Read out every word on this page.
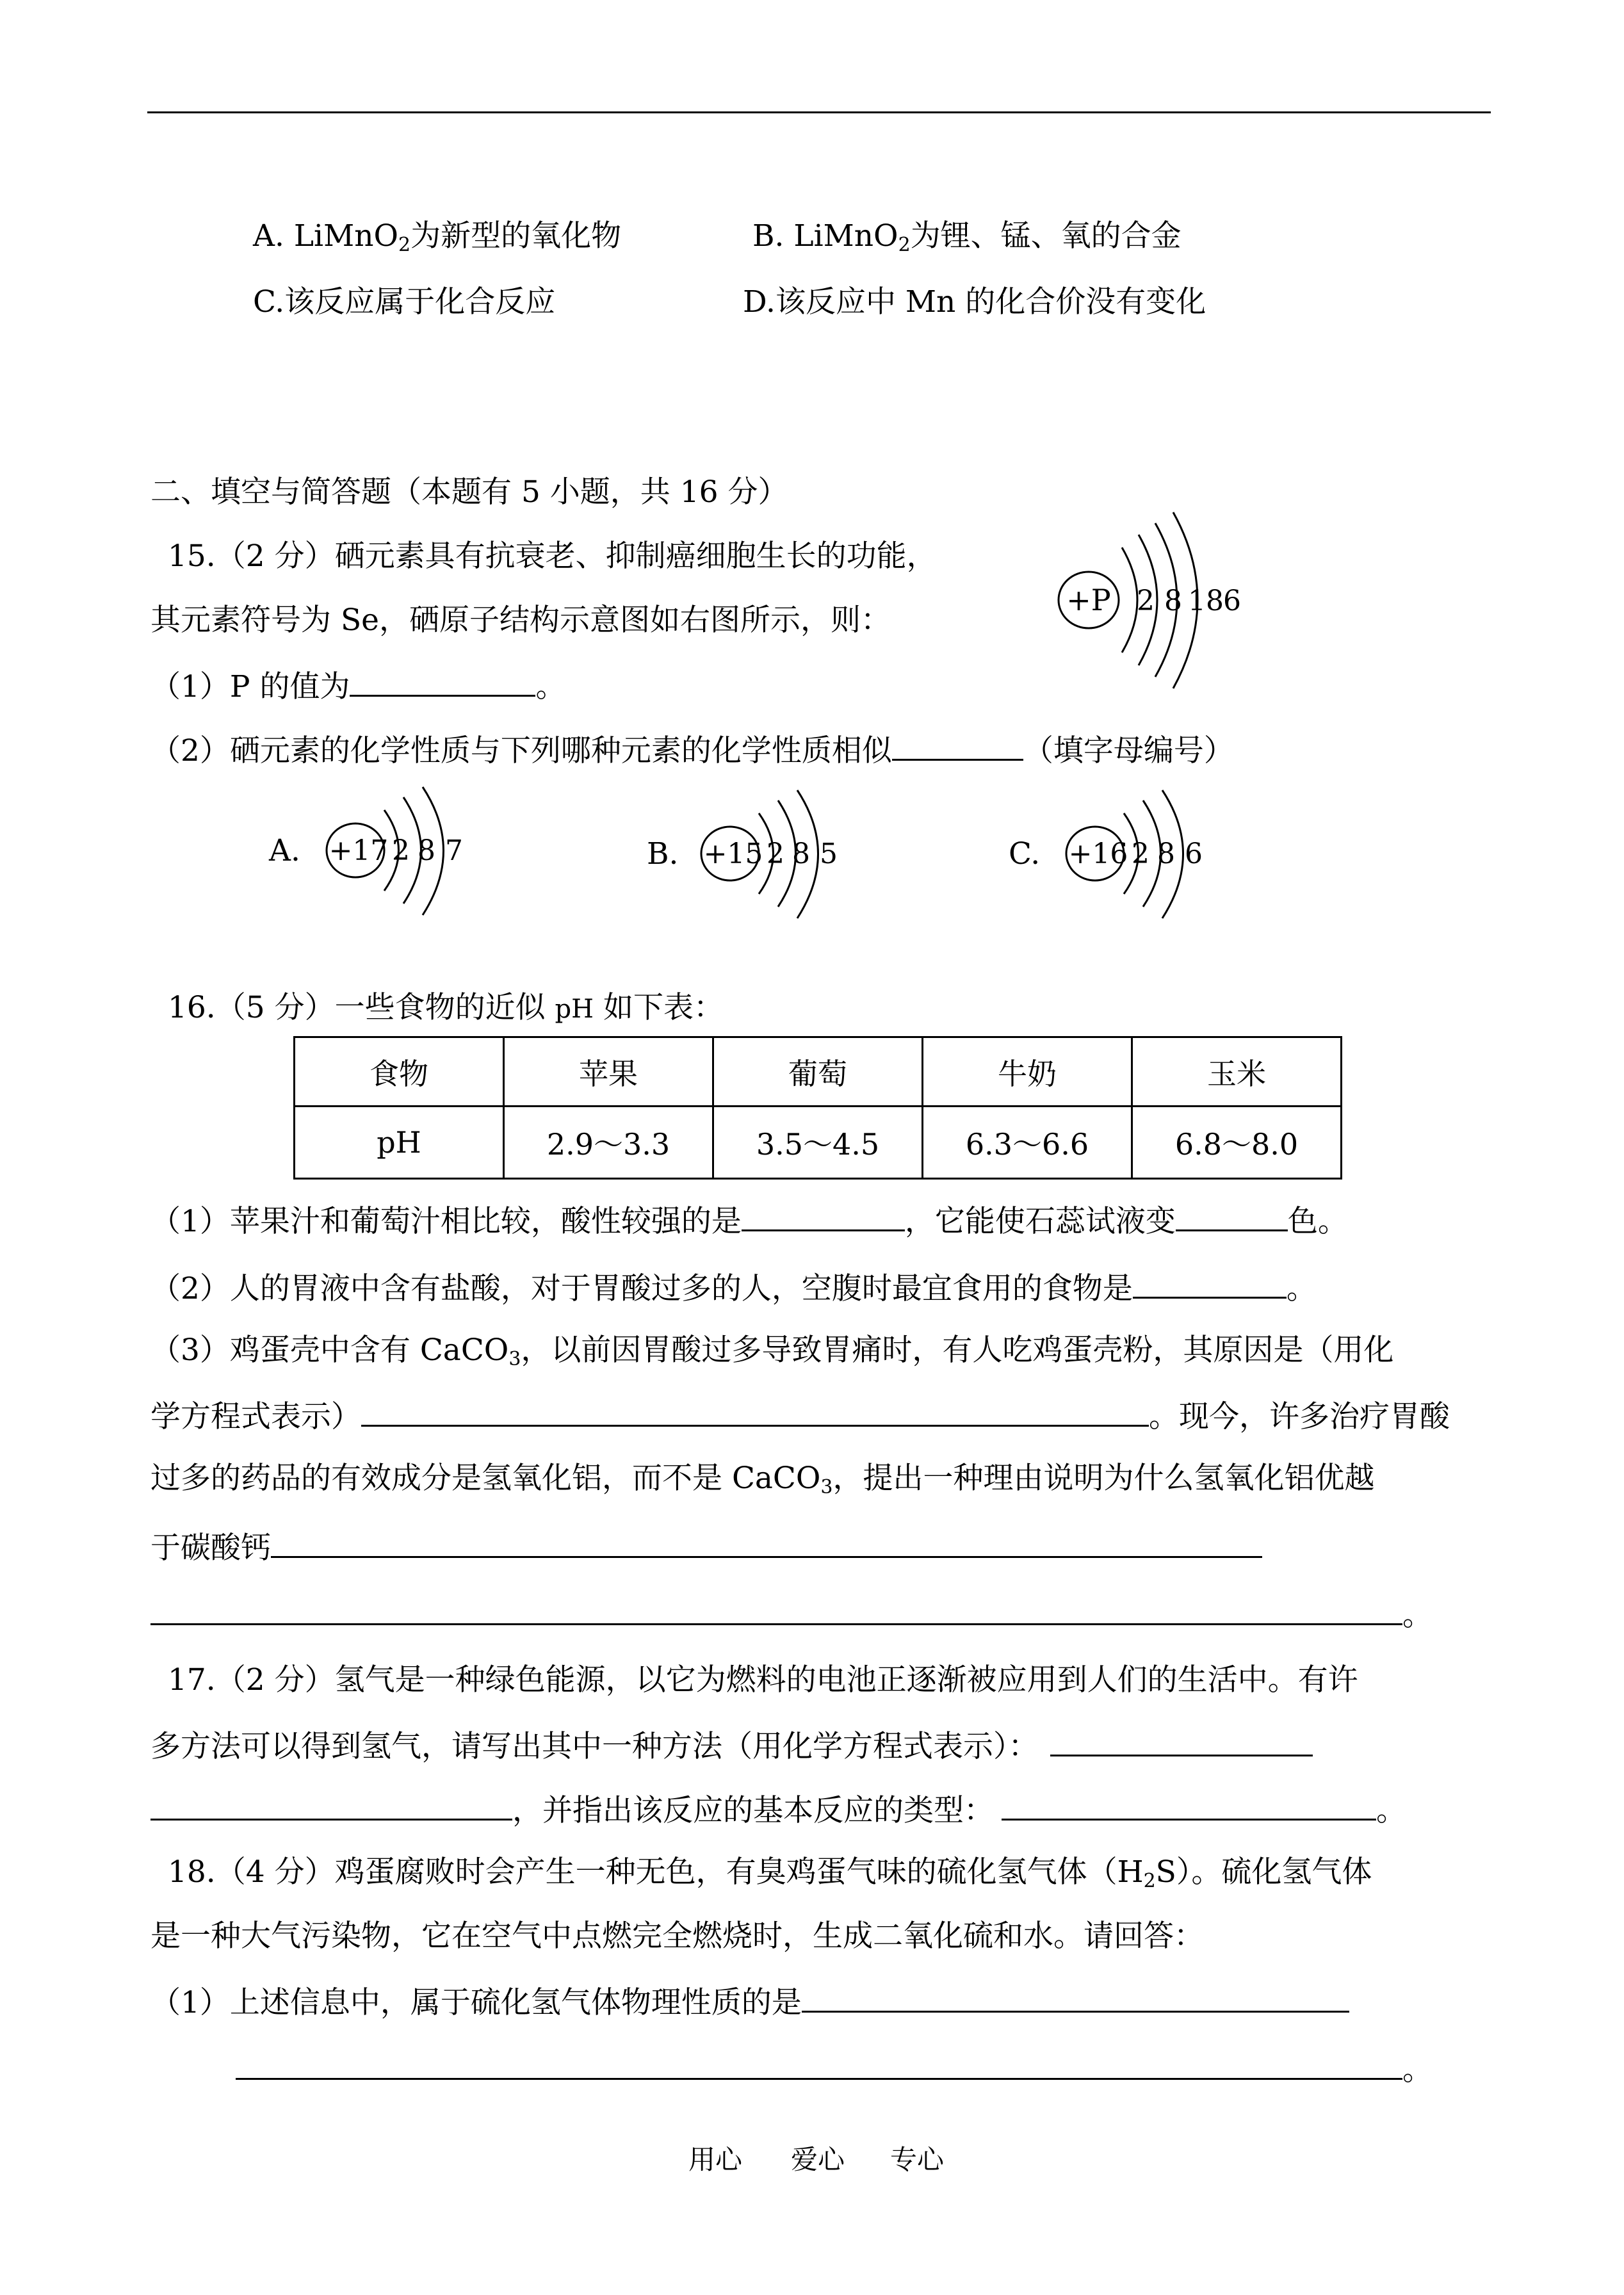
A. LiMnO$_2$为新型的氧化物	B. LiMnO$_2$为锂、锰、氧的合金
C.该反应属于化合反应	D.该反应中 Mn 的化合价没有变化
二、填空与简答题（本题有 5 小题，共 16 分）
15.（2 分）硒元素具有抗衰老、抑制癌细胞生长的功能，
其元素符号为 Se，硒原子结构示意图如右图所示，则：
+P 2 8 18 6
（1）P 的值为	。
（2）硒元素的化学性质与下列哪种元素的化学性质相似	（填字母编号）
A. +17 2 8 7	B. +15 2 8 5	C. +16 2 8 6
16.（5 分）一些食物的近似 pH 如下表：
食物	苹果	葡萄	牛奶	玉米
pH	2.9～3.3	3.5～4.5	6.3～6.6	6.8～8.0
（1）苹果汁和葡萄汁相比较，酸性较强的是	，它能使石蕊试液变	色。
（2）人的胃液中含有盐酸，对于胃酸过多的人，空腹时最宜食用的食物是	。
（3）鸡蛋壳中含有 CaCO$_3$，以前因胃酸过多导致胃痛时，有人吃鸡蛋壳粉，其原因是（用化
学方程式表示）	。现今，许多治疗胃酸
过多的药品的有效成分是氢氧化铝，而不是 CaCO$_3$，提出一种理由说明为什么氢氧化铝优越
于碳酸钙
。
17.（2 分）氢气是一种绿色能源，以它为燃料的电池正逐渐被应用到人们的生活中。有许
多方法可以得到氢气，请写出其中一种方法（用化学方程式表示）：
，并指出该反应的基本反应的类型：	。
18.（4 分）鸡蛋腐败时会产生一种无色，有臭鸡蛋气味的硫化氢气体$(H_2S)$。硫化氢气体
是一种大气污染物，它在空气中点燃完全燃烧时，生成二氧化硫和水。请回答：
（1）上述信息中，属于硫化氢气体物理性质的是
。
用心 爱心 专心
